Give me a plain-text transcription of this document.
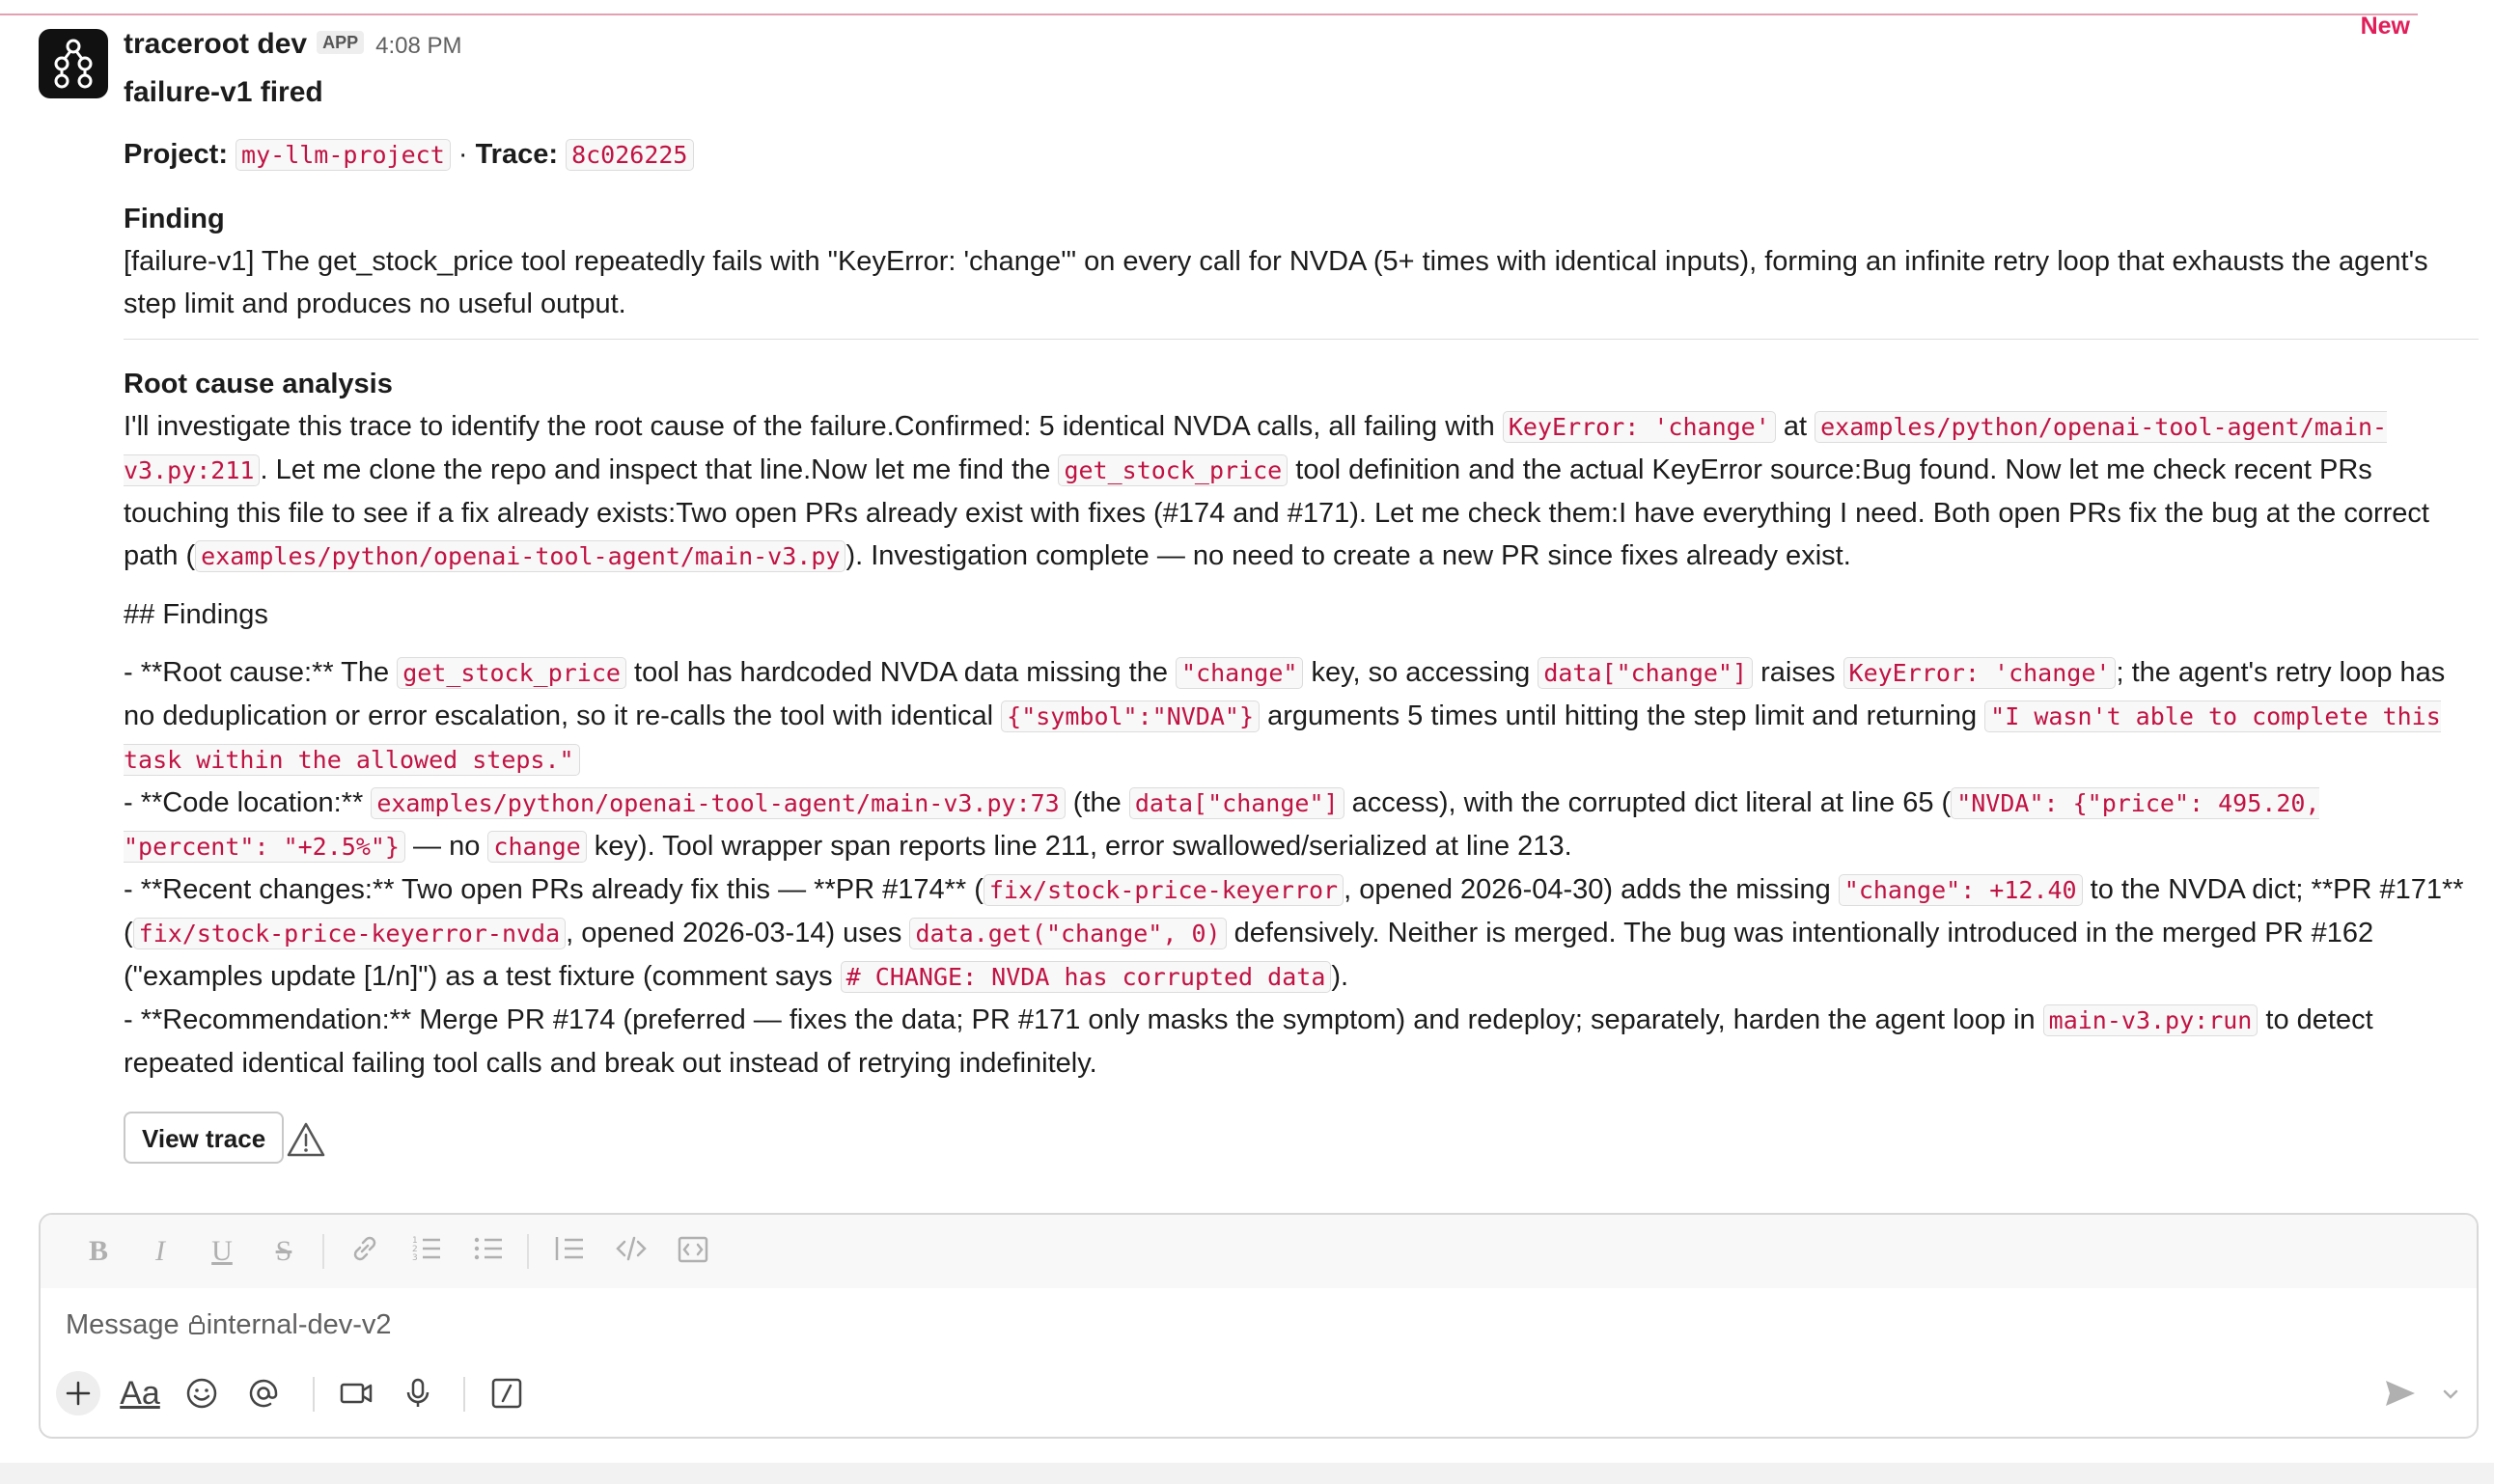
New
traceroot dev APP 4:08 PM
failure-v1 fired
Project: my-llm-project · Trace: 8c026225
Finding
[failure-v1] The get_stock_price tool repeatedly fails with "KeyError: 'change'" on every call for NVDA (5+ times with identical inputs), forming an infinite retry loop that exhausts the agent's step limit and produces no useful output.
Root cause analysis
I'll investigate this trace to identify the root cause of the failure.Confirmed: 5 identical NVDA calls, all failing with KeyError: 'change' at examples/python/openai-tool-agent/main-v3.py:211 . Let me clone the repo and inspect that line.Now let me find the get_stock_price tool definition and the actual KeyError source:Bug found. Now let me check recent PRs touching this file to see if a fix already exists:Two open PRs already exist with fixes (#174 and #171). Let me check them:I have everything I need. Both open PRs fix the bug at the correct path ( examples/python/openai-tool-agent/main-v3.py ). Investigation complete — no need to create a new PR since fixes already exist.
## Findings
- **Root cause:** The get_stock_price tool has hardcoded NVDA data missing the "change" key, so accessing data["change"] raises KeyError: 'change' ; the agent's retry loop has no deduplication or error escalation, so it re-calls the tool with identical {"symbol":"NVDA"} arguments 5 times until hitting the step limit and returning "I wasn't able to complete this task within the allowed steps."
- **Code location:** examples/python/openai-tool-agent/main-v3.py:73 (the data["change"] access), with the corrupted dict literal at line 65 ( "NVDA": {"price": 495.20, "percent": "+2.5%"} — no change key). Tool wrapper span reports line 211, error swallowed/serialized at line 213.
- **Recent changes:** Two open PRs already fix this — **PR #174** ( fix/stock-price-keyerror , opened 2026-04-30) adds the missing "change": +12.40 to the NVDA dict; **PR #171** ( fix/stock-price-keyerror-nvda , opened 2026-03-14) uses data.get("change", 0) defensively. Neither is merged. The bug was intentionally introduced in the merged PR #162 ("examples update [1/n]") as a test fixture (comment says # CHANGE: NVDA has corrupted data ).
- **Recommendation:** Merge PR #174 (preferred — fixes the data; PR #171 only masks the symptom) and redeploy; separately, harden the agent loop in main-v3.py:run to detect repeated identical failing tool calls and break out instead of retrying indefinitely.
View trace
B	I	U	S	1
2
3
Message internal-dev-v2
Aa
